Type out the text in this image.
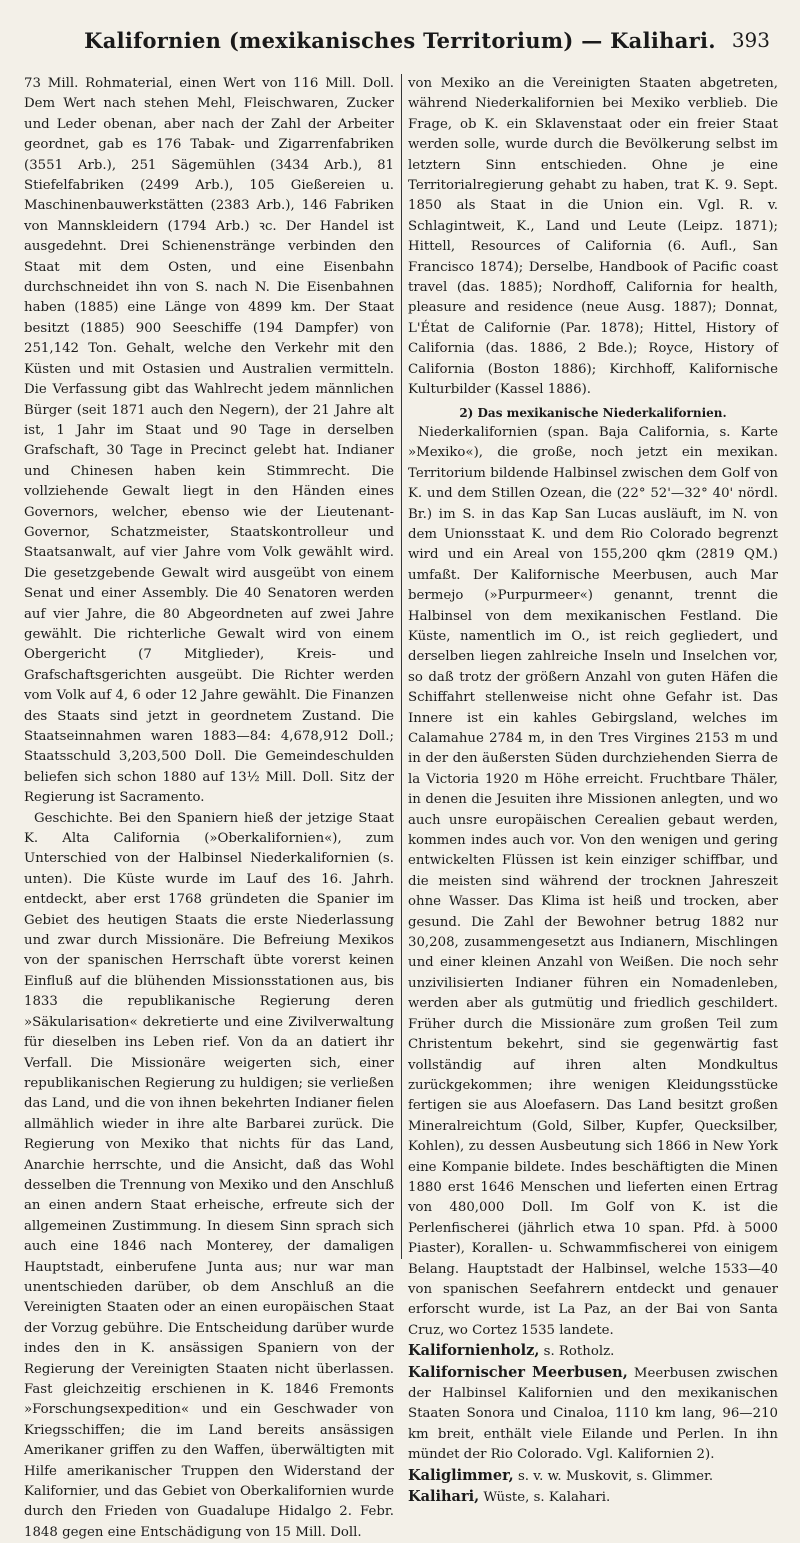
Kalifornien (mexikanisches Territorium) — Kalihari. 393

73 Mill. Rohmaterial, einen Wert von 116 Mill. Doll. Dem Wert nach stehen Mehl, Fleischwaren, Zucker und Leder obenan, aber nach der Zahl der Arbeiter geordnet, gab es 176 Tabak- und Zigarrenfabriken (3551 Arb.), 251 Sägemühlen (3434 Arb.), 81 Stiefelfabriken (2499 Arb.), 105 Gießereien u. Maschinenbauwerkstätten (2383 Arb.), 146 Fabriken von Mannskleidern (1794 Arb.) ꝛc. Der Handel ist ausgedehnt. Drei Schienenstränge verbinden den Staat mit dem Osten, und eine Eisenbahn durchschneidet ihn von S. nach N. Die Eisenbahnen haben (1885) eine Länge von 4899 km. Der Staat besitzt (1885) 900 Seeschiffe (194 Dampfer) von 251,142 Ton. Gehalt, welche den Verkehr mit den Küsten und mit Ostasien und Australien vermitteln. Die Verfassung gibt das Wahlrecht jedem männlichen Bürger (seit 1871 auch den Negern), der 21 Jahre alt ist, 1 Jahr im Staat und 90 Tage in derselben Grafschaft, 30 Tage in Precinct gelebt hat. Indianer und Chinesen haben kein Stimmrecht. Die vollziehende Gewalt liegt in den Händen eines Governors, welcher, ebenso wie der Lieutenant-Governor, Schatzmeister, Staatskontrolleur und Staatsanwalt, auf vier Jahre vom Volk gewählt wird. Die gesetzgebende Gewalt wird ausgeübt von einem Senat und einer Assembly. Die 40 Senatoren werden auf vier Jahre, die 80 Abgeordneten auf zwei Jahre gewählt. Die richterliche Gewalt wird von einem Obergericht (7 Mitglieder), Kreis- und Grafschaftsgerichten ausgeübt. Die Richter werden vom Volk auf 4, 6 oder 12 Jahre gewählt. Die Finanzen des Staats sind jetzt in geordnetem Zustand. Die Staatseinnahmen waren 1883—84: 4,678,912 Doll.; Staatsschuld 3,203,500 Doll. Die Gemeindeschulden beliefen sich schon 1880 auf 13½ Mill. Doll. Sitz der Regierung ist Sacramento.

Geschichte. Bei den Spaniern hieß der jetzige Staat K. Alta California (»Oberkalifornien«), zum Unterschied von der Halbinsel Niederkalifornien (s. unten). Die Küste wurde im Lauf des 16. Jahrh. entdeckt, aber erst 1768 gründeten die Spanier im Gebiet des heutigen Staats die erste Niederlassung und zwar durch Missionäre. Die Befreiung Mexikos von der spanischen Herrschaft übte vorerst keinen Einfluß auf die blühenden Missionsstationen aus, bis 1833 die republikanische Regierung deren »Säkularisation« dekretierte und eine Zivilverwaltung für dieselben ins Leben rief. Von da an datiert ihr Verfall. Die Missionäre weigerten sich, einer republikanischen Regierung zu huldigen; sie verließen das Land, und die von ihnen bekehrten Indianer fielen allmählich wieder in ihre alte Barbarei zurück. Die Regierung von Mexiko that nichts für das Land, Anarchie herrschte, und die Ansicht, daß das Wohl desselben die Trennung von Mexiko und den Anschluß an einen andern Staat erheische, erfreute sich der allgemeinen Zustimmung. In diesem Sinn sprach sich auch eine 1846 nach Monterey, der damaligen Hauptstadt, einberufene Junta aus; nur war man unentschieden darüber, ob dem Anschluß an die Vereinigten Staaten oder an einen europäischen Staat der Vorzug gebühre. Die Entscheidung darüber wurde indes den in K. ansässigen Spaniern von der Regierung der Vereinigten Staaten nicht überlassen. Fast gleichzeitig erschienen in K. 1846 Fremonts »Forschungsexpedition« und ein Geschwader von Kriegsschiffen; die im Land bereits ansässigen Amerikaner griffen zu den Waffen, überwältigten mit Hilfe amerikanischer Truppen den Widerstand der Kalifornier, und das Gebiet von Oberkalifornien wurde durch den Frieden von Guadalupe Hidalgo 2. Febr. 1848 gegen eine Entschädigung von 15 Mill. Doll.

von Mexiko an die Vereinigten Staaten abgetreten, während Niederkalifornien bei Mexiko verblieb. Die Frage, ob K. ein Sklavenstaat oder ein freier Staat werden solle, wurde durch die Bevölkerung selbst im letztern Sinn entschieden. Ohne je eine Territorialregierung gehabt zu haben, trat K. 9. Sept. 1850 als Staat in die Union ein. Vgl. R. v. Schlagintweit, K., Land und Leute (Leipz. 1871); Hittell, Resources of California (6. Aufl., San Francisco 1874); Derselbe, Handbook of Pacific coast travel (das. 1885); Nordhoff, California for health, pleasure and residence (neue Ausg. 1887); Donnat, L'État de Californie (Par. 1878); Hittel, History of California (das. 1886, 2 Bde.); Royce, History of California (Boston 1886); Kirchhoff, Kalifornische Kulturbilder (Kassel 1886).

2) Das mexikanische Niederkalifornien.

Niederkalifornien (span. Baja California, s. Karte »Mexiko«), die große, noch jetzt ein mexikan. Territorium bildende Halbinsel zwischen dem Golf von K. und dem Stillen Ozean, die (22° 52'—32° 40' nördl. Br.) im S. in das Kap San Lucas ausläuft, im N. von dem Unionsstaat K. und dem Rio Colorado begrenzt wird und ein Areal von 155,200 qkm (2819 QM.) umfaßt. Der Kalifornische Meerbusen, auch Mar bermejo (»Purpurmeer«) genannt, trennt die Halbinsel von dem mexikanischen Festland. Die Küste, namentlich im O., ist reich gegliedert, und derselben liegen zahlreiche Inseln und Inselchen vor, so daß trotz der größern Anzahl von guten Häfen die Schiffahrt stellenweise nicht ohne Gefahr ist. Das Innere ist ein kahles Gebirgsland, welches im Calamahue 2784 m, in den Tres Virgines 2153 m und in der den äußersten Süden durchziehenden Sierra de la Victoria 1920 m Höhe erreicht. Fruchtbare Thäler, in denen die Jesuiten ihre Missionen anlegten, und wo auch unsre europäischen Cerealien gebaut werden, kommen indes auch vor. Von den wenigen und gering entwickelten Flüssen ist kein einziger schiffbar, und die meisten sind während der trocknen Jahreszeit ohne Wasser. Das Klima ist heiß und trocken, aber gesund. Die Zahl der Bewohner betrug 1882 nur 30,208, zusammengesetzt aus Indianern, Mischlingen und einer kleinen Anzahl von Weißen. Die noch sehr unzivilisierten Indianer führen ein Nomadenleben, werden aber als gutmütig und friedlich geschildert. Früher durch die Missionäre zum großen Teil zum Christentum bekehrt, sind sie gegenwärtig fast vollständig auf ihren alten Mondkultus zurückgekommen; ihre wenigen Kleidungsstücke fertigen sie aus Aloefasern. Das Land besitzt großen Mineralreichtum (Gold, Silber, Kupfer, Quecksilber, Kohlen), zu dessen Ausbeutung sich 1866 in New York eine Kompanie bildete. Indes beschäftigten die Minen 1880 erst 1646 Menschen und lieferten einen Ertrag von 480,000 Doll. Im Golf von K. ist die Perlenfischerei (jährlich etwa 10 span. Pfd. à 5000 Piaster), Korallen- u. Schwammfischerei von einigem Belang. Hauptstadt der Halbinsel, welche 1533—40 von spanischen Seefahrern entdeckt und genauer erforscht wurde, ist La Paz, an der Bai von Santa Cruz, wo Cortez 1535 landete.

Kalifornienholz, s. Rotholz.

Kalifornischer Meerbusen, Meerbusen zwischen der Halbinsel Kalifornien und den mexikanischen Staaten Sonora und Cinaloa, 1110 km lang, 96—210 km breit, enthält viele Eilande und Perlen. In ihn mündet der Rio Colorado. Vgl. Kalifornien 2).

Kaliglimmer, s. v. w. Muskovit, s. Glimmer.

Kalihari, Wüste, s. Kalahari.
